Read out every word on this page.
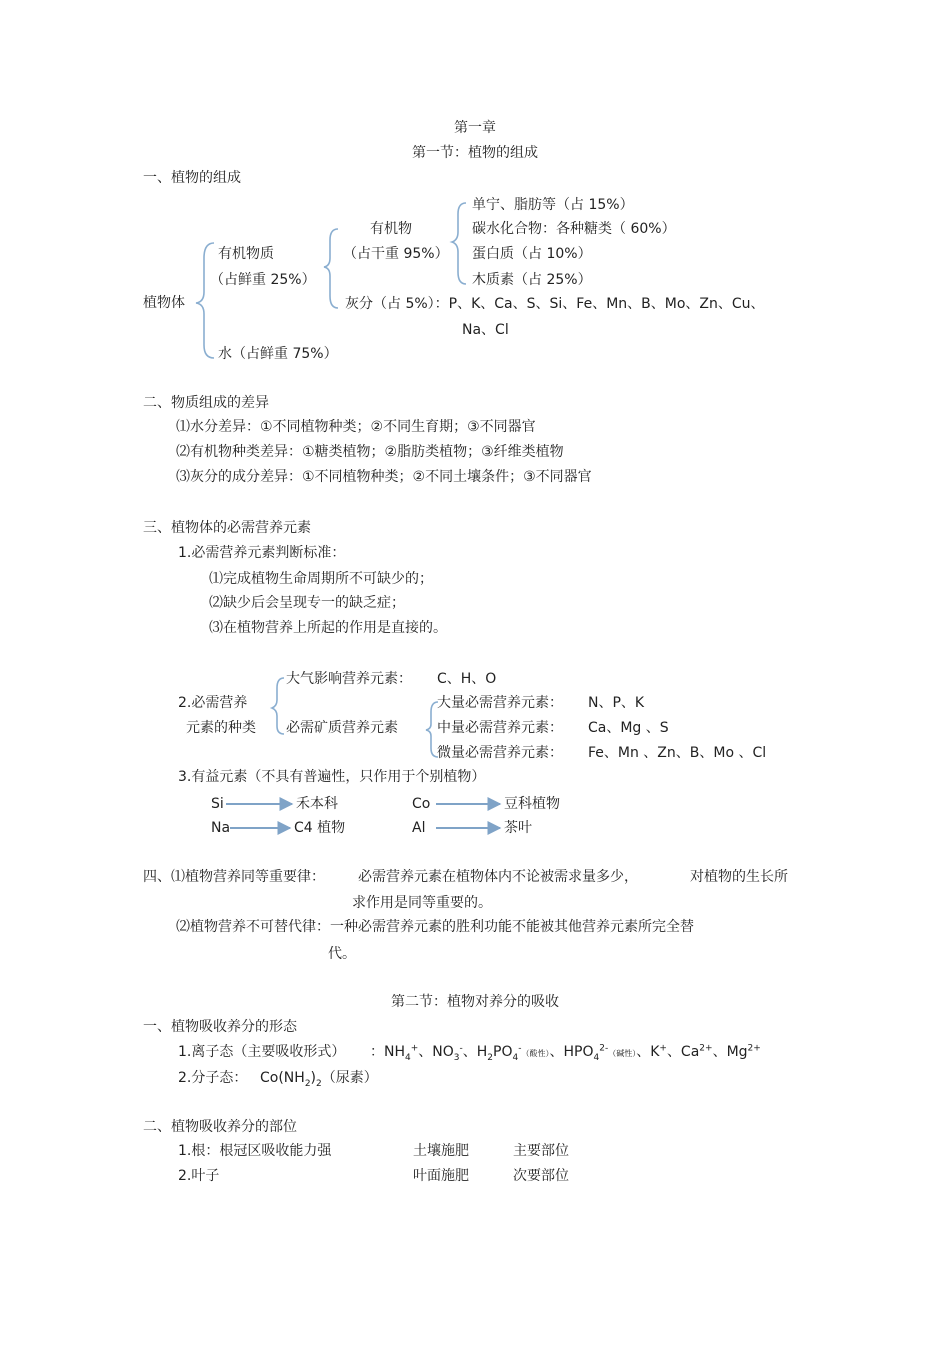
第一章
第一节：植物的组成
一、植物的组成
植物体
有机物质
（占鲜重 25%）
水（占鲜重 75%）
有机物
（占干重 95%）
单宁、脂肪等（占 15%）
碳水化合物：各种糖类（ 60%）
蛋白质（占 10%）
木质素（占 25%）
灰分（占 5%）：P、K、Ca、S、Si、Fe、Mn、B、Mo、Zn、Cu、
Na、Cl
二、物质组成的差异
⑴水分差异：①不同植物种类；②不同生育期；③不同器官
⑵有机物种类差异：①糖类植物；②脂肪类植物；③纤维类植物
⑶灰分的成分差异：①不同植物种类；②不同土壤条件；③不同器官
三、植物体的必需营养元素
1.必需营养元素判断标准：
⑴完成植物生命周期所不可缺少的；
⑵缺少后会呈现专一的缺乏症；
⑶在植物营养上所起的作用是直接的。
2.必需营养
元素的种类
大气影响营养元素： C、H、O
必需矿质营养元素
大量必需营养元素： N、P、K
中量必需营养元素： Ca、Mg 、S
微量必需营养元素： Fe、Mn 、Zn、B、Mo 、Cl
3.有益元素（不具有普遍性，只作用于个别植物）
Si	禾本科
Na	C4 植物
Co	豆科植物
Al	茶叶
四、⑴植物营养同等重要律： 必需营养元素在植物体内不论被需求量多少，	对植物的生长所
求作用是同等重要的。
⑵植物营养不可替代律：一种必需营养元素的胜利功能不能被其他营养元素所完全替
代。
第二节：植物对养分的吸收
一、植物吸收养分的形态
1.离子态（主要吸收形式） ：$NH_4^+$、$NO_3^-$、$H_2PO_4^-$（酸性）、$HPO_4^{2-}$（碱性）、K+、$Ca^{2+}$、$Mg^{2+}$
2.分子态： $Co(NH_2)_2$（尿素）
二、植物吸收养分的部位
1.根：根冠区吸收能力强	土壤施肥	主要部位
2.叶子	叶面施肥	次要部位
